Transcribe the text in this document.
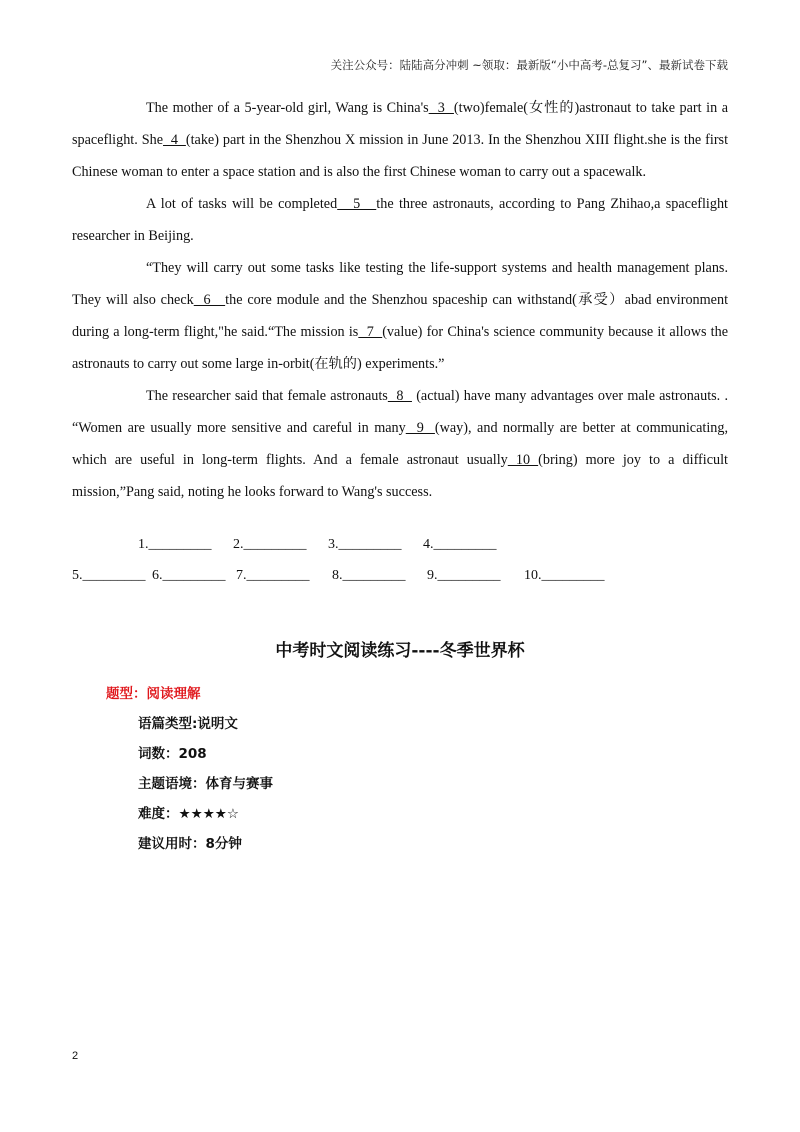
关注公众号：陆陆高分冲刺 ~领取：最新版“小中高考-总复习”、最新试卷下载

The mother of a 5-year-old girl, Wang is China's  3  (two)female(女性的)astronaut to take part in a spaceflight. She  4  (take) part in the Shenzhou X mission in June 2013. In the Shenzhou XIII flight.she is the first Chinese woman to enter a space station and is also the first Chinese woman to carry out a spacewalk.

A lot of tasks will be completed   5   the three astronauts, according to Pang Zhihao,a spaceflight researcher in Beijing.

“They will carry out some tasks like testing the life-support systems and health management plans. They will also check  6   the core module and the Shenzhou spaceship can withstand(承受）abad environment during a long-term flight,"he said.“The mission is  7  (value) for China's science community because it allows the astronauts to carry out some large in-orbit(在轨的) experiments.”

The researcher said that female astronauts  8   (actual) have many advantages over male astronauts. . “Women are usually more sensitive and careful in many  9  (way), and normally are better at communicating, which are useful in long-term flights. And a female astronaut usually 10 (bring) more joy to a difficult mission,”Pang said, noting he looks forward to Wang's success.

1._________ 2._________ 3._________ 4._________
5._________ 6._________ 7._________ 8._________ 9._________ 10._________
中考时文阅读练习----冬季世界杯
题型：阅读理解
语篇类型:说明文
词数：208
主题语境：体育与赛事
难度：★★★★☆
建议用时：8分钟
2
